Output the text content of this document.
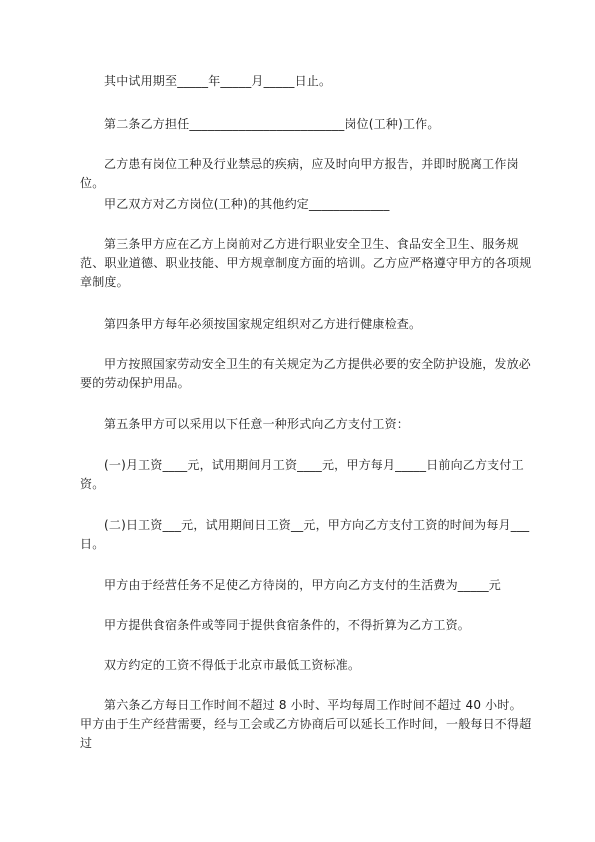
其中试用期至_____年_____月_____日止。

第二条乙方担任_________________________岗位(工种)工作。

乙方患有岗位工种及行业禁忌的疾病，应及时向甲方报告，并即时脱离工作岗位。

甲乙双方对乙方岗位(工种)的其他约定_____________

第三条甲方应在乙方上岗前对乙方进行职业安全卫生、食品安全卫生、服务规范、职业道德、职业技能、甲方规章制度方面的培训。乙方应严格遵守甲方的各项规章制度。

第四条甲方每年必须按国家规定组织对乙方进行健康检查。

甲方按照国家劳动安全卫生的有关规定为乙方提供必要的安全防护设施，发放必要的劳动保护用品。

第五条甲方可以采用以下任意一种形式向乙方支付工资：

(一)月工资____元，试用期间月工资____元，甲方每月_____日前向乙方支付工资。

(二)日工资___元，试用期间日工资__元，甲方向乙方支付工资的时间为每月___日。

甲方由于经营任务不足使乙方待岗的，甲方向乙方支付的生活费为_____元

甲方提供食宿条件或等同于提供食宿条件的，不得折算为乙方工资。

双方约定的工资不得低于北京市最低工资标准。

第六条乙方每日工作时间不超过 8 小时、平均每周工作时间不超过 40 小时。甲方由于生产经营需要，经与工会或乙方协商后可以延长工作时间，一般每日不得超过
